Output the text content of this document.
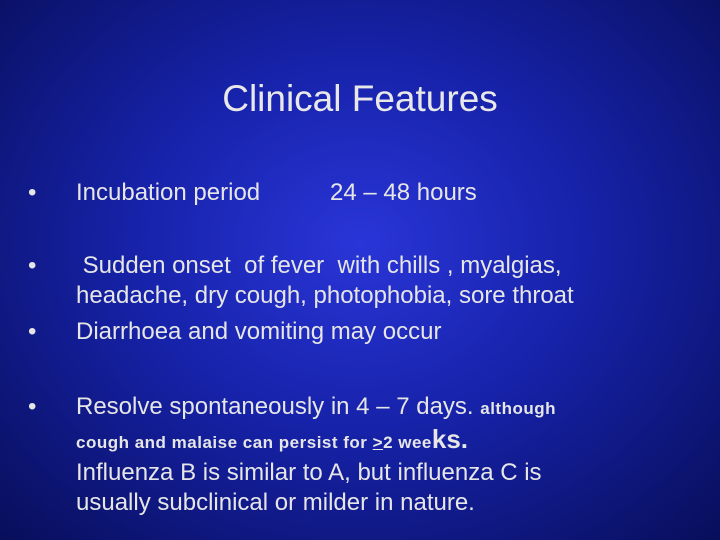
Clinical Features
• Incubation period	24 – 48 hours
• Sudden onset  of fever  with chills , myalgias,
headache, dry cough, photophobia, sore throat
• Diarrhoea and vomiting may occur
• Resolve spontaneously in 4 – 7 days. although
cough and malaise can persist for >2 weeks.
Influenza B is similar to A, but influenza C is
usually subclinical or milder in nature.
